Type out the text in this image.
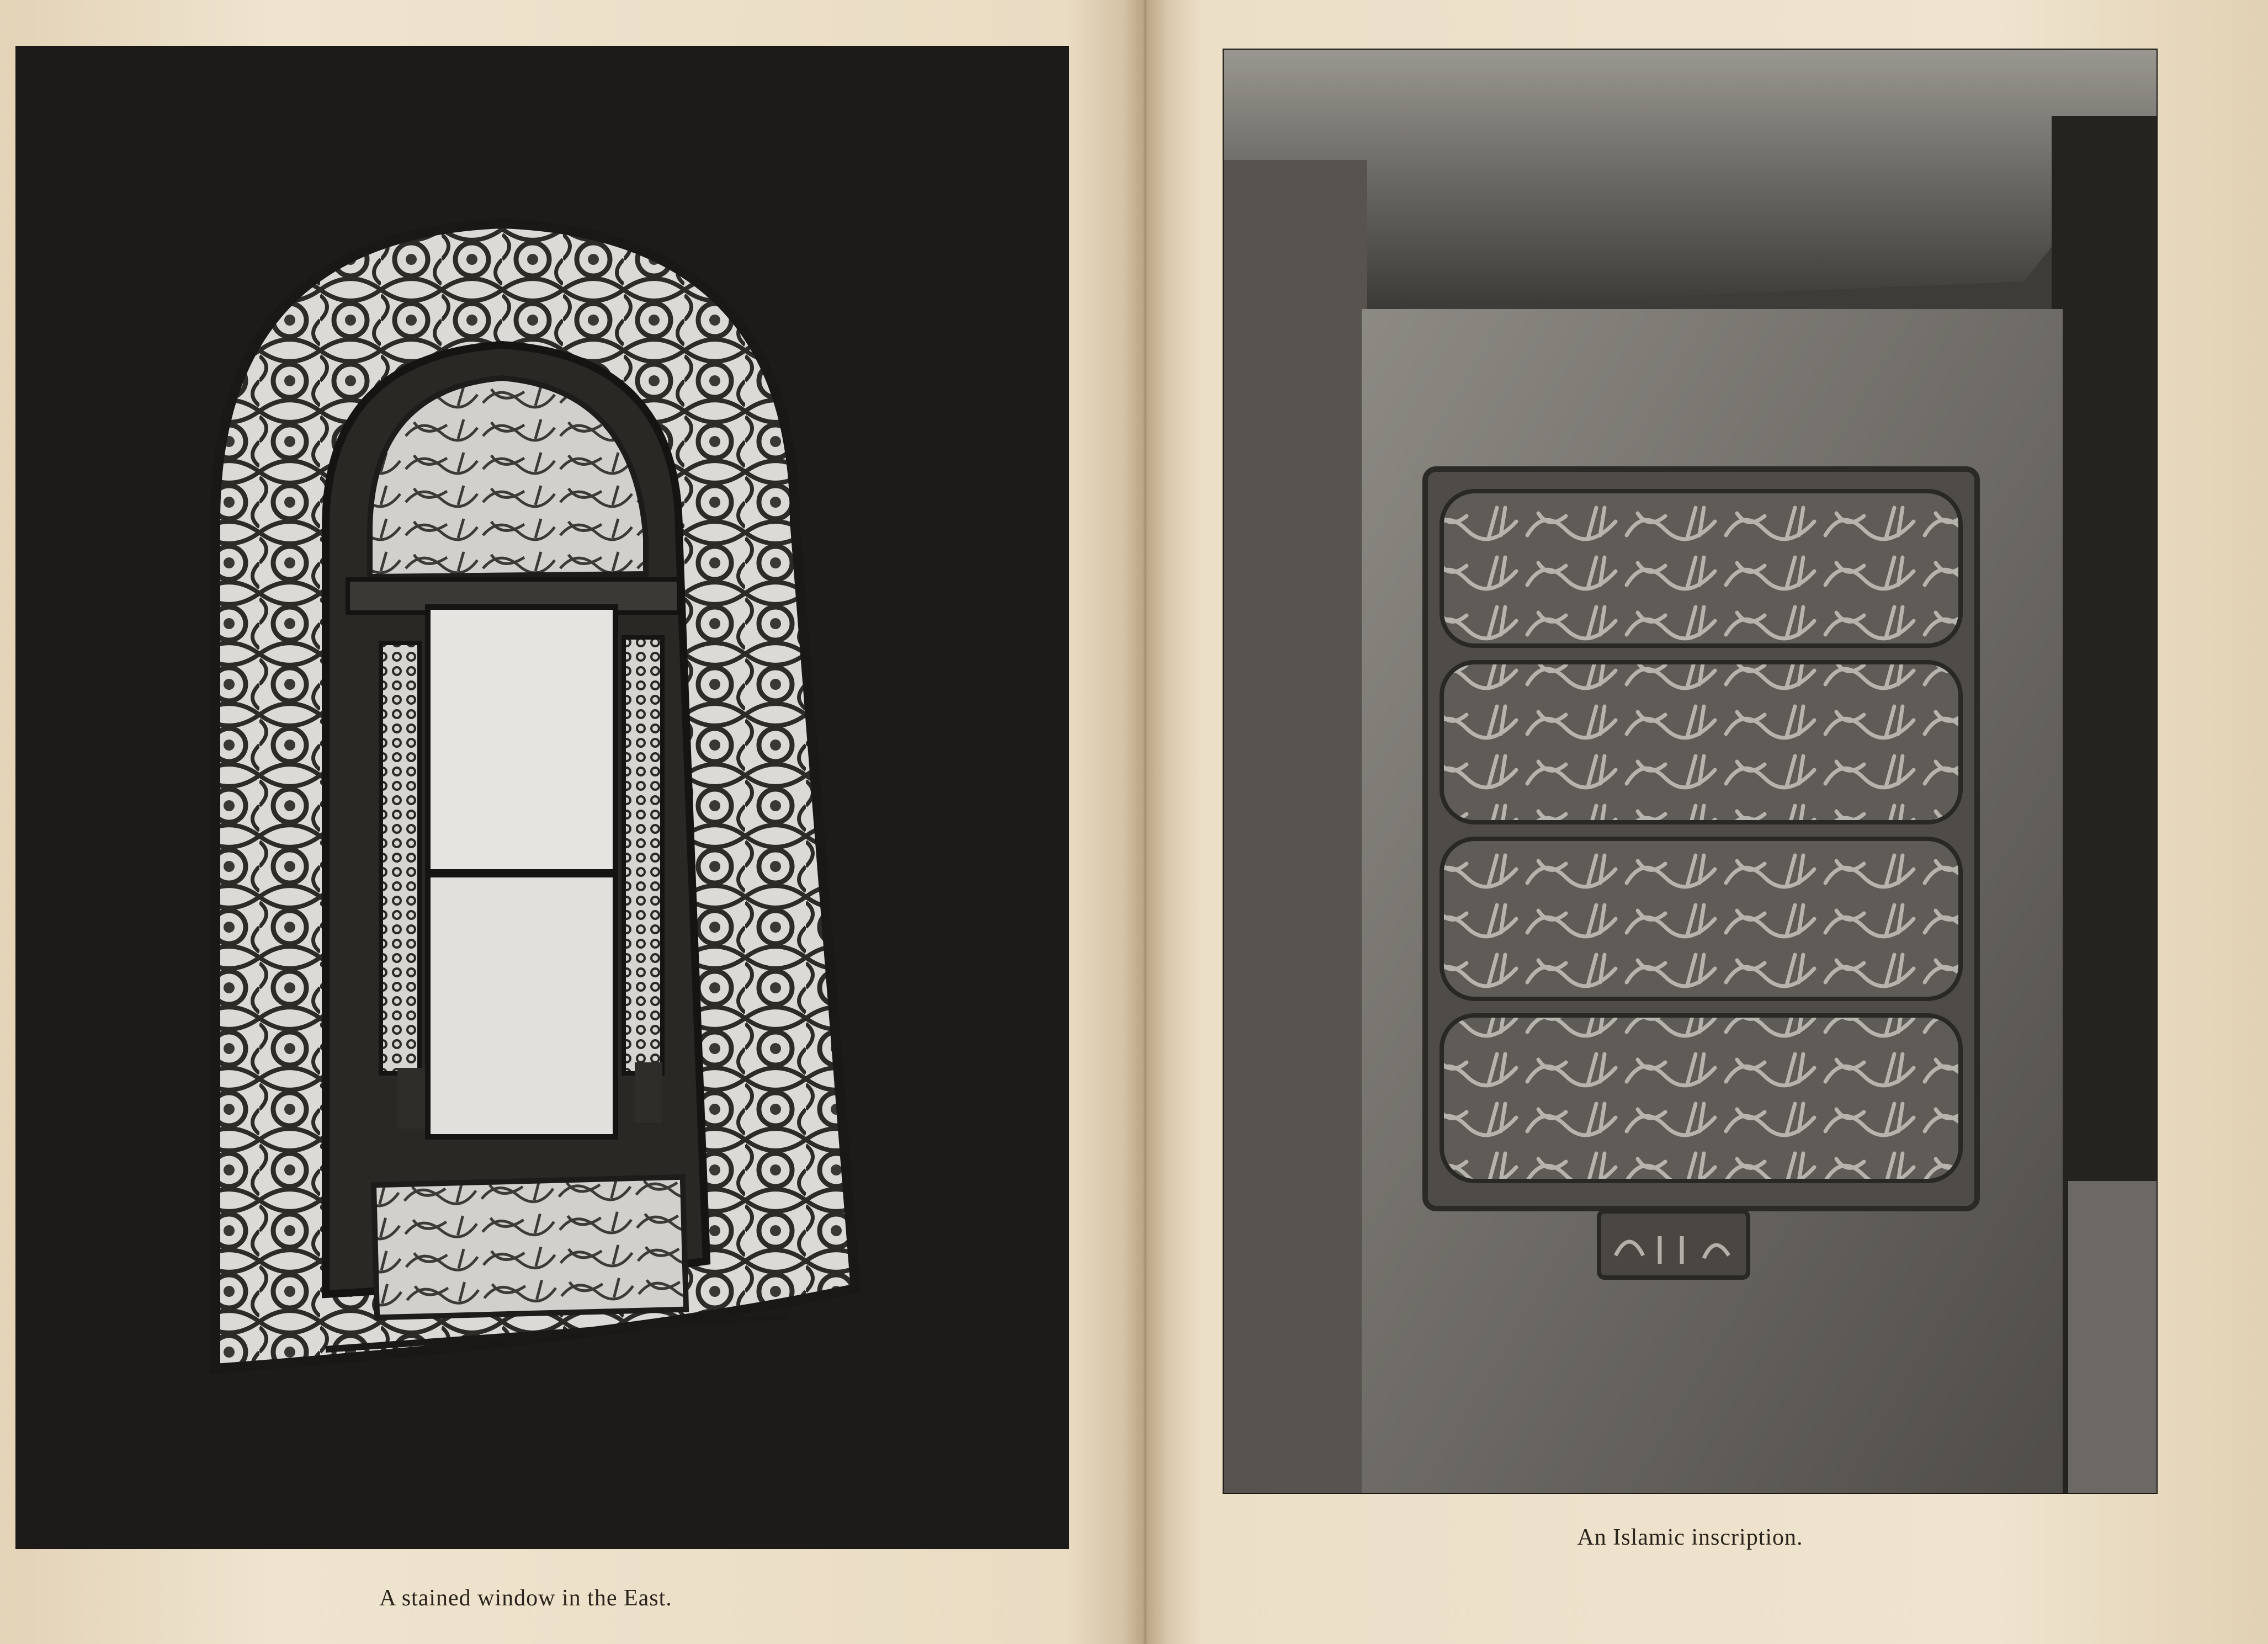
A stained window in the East.
An Islamic inscription.
